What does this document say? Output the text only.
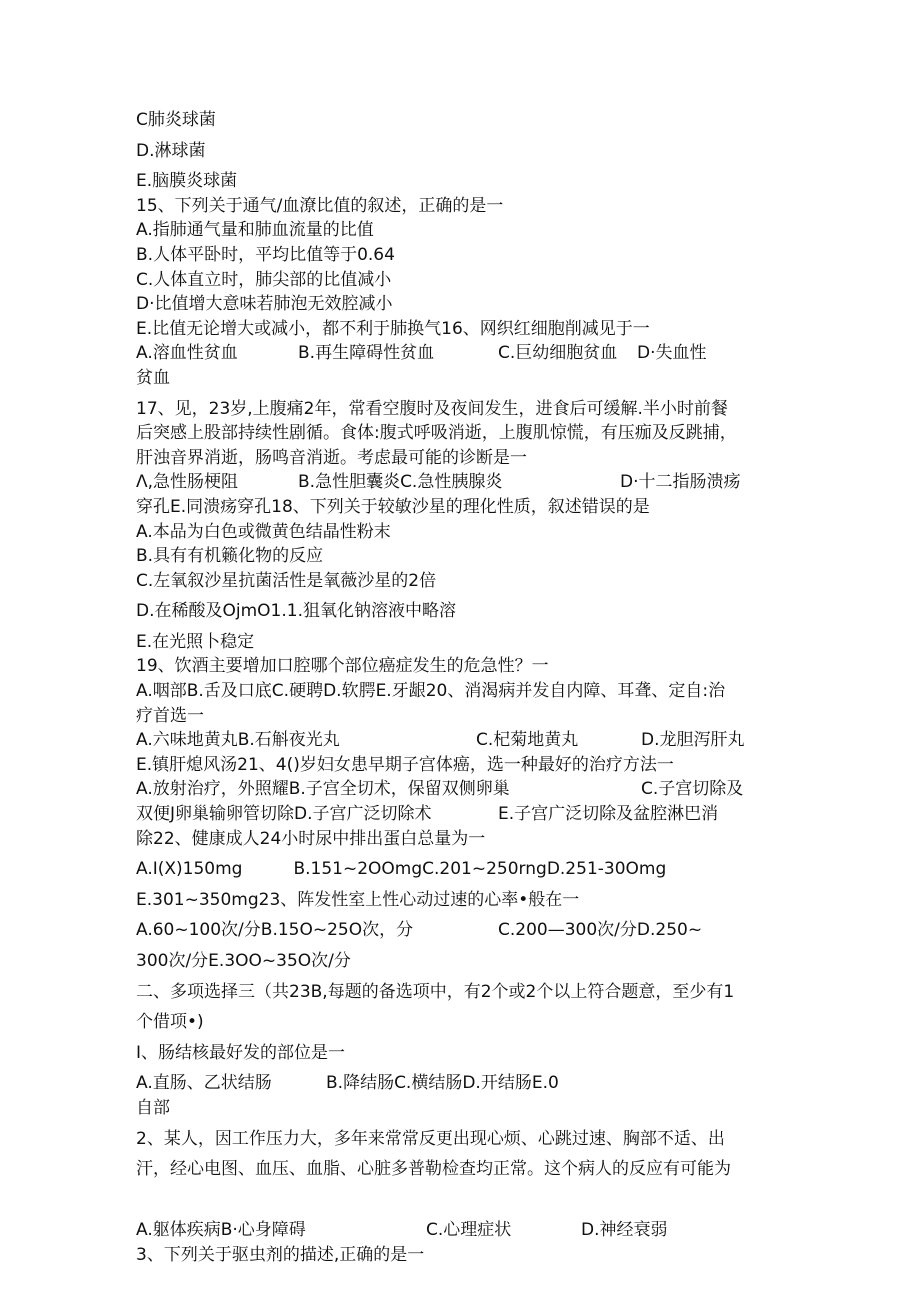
C肺炎球菌
D.淋球菌
E.脑膜炎球菌
15、下列关于通气/血潦比值的叙述，正确的是一
A.指肺通气量和肺血流量的比值
B.人体平卧时，平均比值等于0.64
C.人体直立时，肺尖部的比值减小
D·比值增大意味若肺泡无效腔减小
E.比值无论增大或减小，都不利于肺换气16、网织红细胞削减见于一
A.溶血性贫血	B.再生障碍性贫血	C.巨幼细胞贫血 D·失血性
贫血
17、见，23岁,上腹痛2年，常看空腹时及夜间发生，进食后可缓解.半小时前餐
后突感上股部持续性剧循。食体:腹式呼吸消逝，上腹肌惊慌，有压痂及反跳捕，
肝浊音界消逝，肠鸣音消逝。考虑最可能的诊断是一
Λ,急性肠梗阻	B.急性胆囊炎C.急性胰腺炎	D·十二指肠溃疡
穿孔E.同溃疡穿孔18、下列关于较敏沙星的理化性质，叙述错误的是
A.本品为白色或微黄色结晶性粉末
B.具有有机籁化物的反应
C.左氧叙沙星抗菌活性是氧薇沙星的2倍
D.在稀酸及OjmO1.1.狙氧化钠溶液中略溶
E.在光照卜稳定
19、饮酒主要增加口腔哪个部位癌症发生的危急性？一
A.咽部B.舌及口底C.硬聘D.软腭E.牙龈20、消渴病并发自内障、耳聋、定自:治
疗首选一
A.六味地黄丸B.石斛夜光丸	C.杞菊地黄丸	D.龙胆泻肝丸
E.镇肝熄风汤21、4()岁妇女患早期子宫体癌，选一种最好的治疗方法一
A.放射治疗，外照耀B.子宫全切术，保留双侧卵巢	C.子宫切除及
双便J卵巢输卵管切除D.子宫广泛切除术	E.子宫广泛切除及盆腔淋巴消
除22、健康成人24小时尿中排出蛋白总量为一
A.I(X)150mg　　　B.151~2OOmgC.201~250rngD.251-30Omg
E.301~350mg23、阵发性室上性心动过速的心率•般在一
A.60~100次/分B.15O~25O次，分	C.200—300次/分D.250~
300次/分E.3OO~35O次/分
二、多项选择三（共23B,每题的备选项中，有2个或2个以上符合题意，至少有1
个借项•)
I、肠结核最好发的部位是一
A.直肠、乙状结肠	B.降结肠C.横结肠D.开结肠E.0
自部
2、某人，因工作压力大，多年来常常反更出现心烦、心跳过速、胸部不适、出
汗，经心电图、血压、血脂、心脏多普勒检查均正常。这个病人的反应有可能为
A.躯体疾病B·心身障碍	C.心理症状	D.神经衰弱
3、下列关于驱虫剂的描述,正确的是一
